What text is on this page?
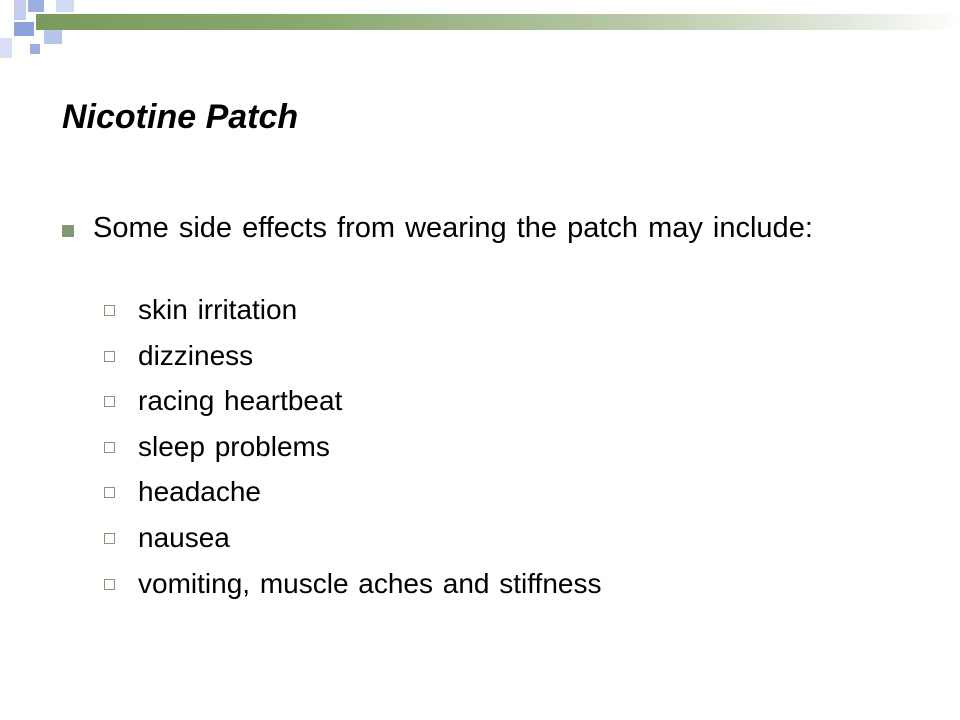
Nicotine Patch
Some side effects from wearing the patch may include:
skin irritation
dizziness
racing heartbeat
sleep problems
headache
nausea
vomiting, muscle aches and stiffness
